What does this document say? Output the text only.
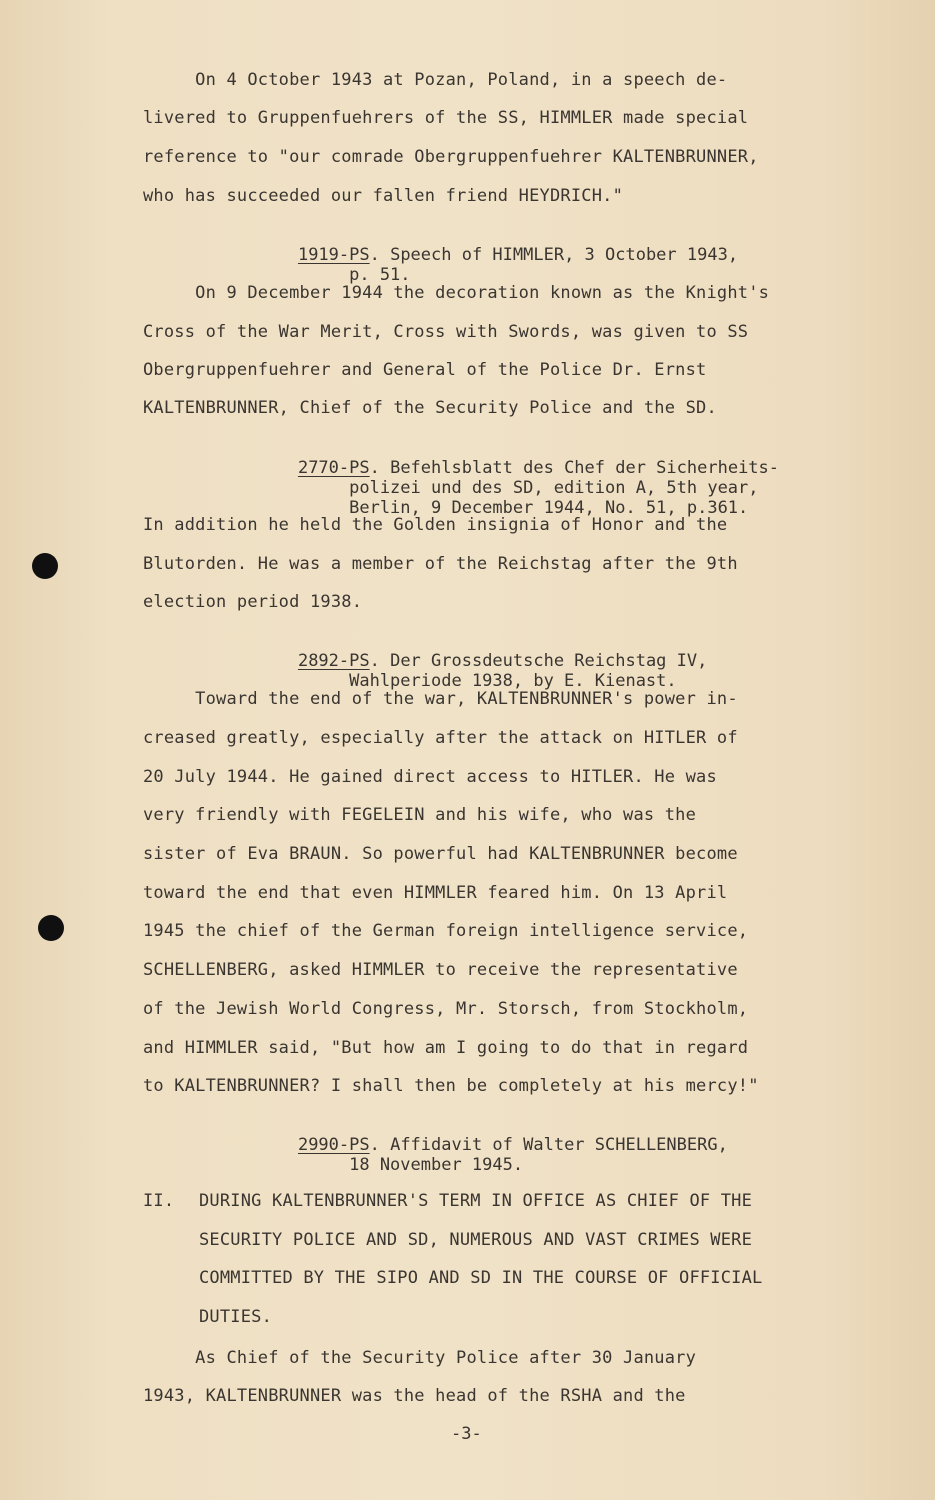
On 4 October 1943 at Pozan, Poland, in a speech de-
livered to Gruppenfuehrers of the SS, HIMMLER made special
reference to "our comrade Obergruppenfuehrer KALTENBRUNNER,
who has succeeded our fallen friend HEYDRICH."

1919-PS. Speech of HIMMLER, 3 October 1943,
p. 51.

On 9 December 1944 the decoration known as the Knight's
Cross of the War Merit, Cross with Swords, was given to SS
Obergruppenfuehrer and General of the Police Dr. Ernst
KALTENBRUNNER, Chief of the Security Police and the SD.

2770-PS. Befehlsblatt des Chef der Sicherheits-
polizei und des SD, edition A, 5th year,
Berlin, 9 December 1944, No. 51, p.361.

In addition he held the Golden insignia of Honor and the
Blutorden. He was a member of the Reichstag after the 9th
election period 1938.

2892-PS. Der Grossdeutsche Reichstag IV,
Wahlperiode 1938, by E. Kienast.

Toward the end of the war, KALTENBRUNNER's power in-
creased greatly, especially after the attack on HITLER of
20 July 1944. He gained direct access to HITLER. He was
very friendly with FEGELEIN and his wife, who was the
sister of Eva BRAUN. So powerful had KALTENBRUNNER become
toward the end that even HIMMLER feared him. On 13 April
1945 the chief of the German foreign intelligence service,
SCHELLENBERG, asked HIMMLER to receive the representative
of the Jewish World Congress, Mr. Storsch, from Stockholm,
and HIMMLER said, "But how am I going to do that in regard
to KALTENBRUNNER? I shall then be completely at his mercy!"

2990-PS. Affidavit of Walter SCHELLENBERG,
18 November 1945.

II. DURING KALTENBRUNNER'S TERM IN OFFICE AS CHIEF OF THE
SECURITY POLICE AND SD, NUMEROUS AND VAST CRIMES WERE
COMMITTED BY THE SIPO AND SD IN THE COURSE OF OFFICIAL
DUTIES.
As Chief of the Security Police after 30 January
1943, KALTENBRUNNER was the head of the RSHA and the
-3-
